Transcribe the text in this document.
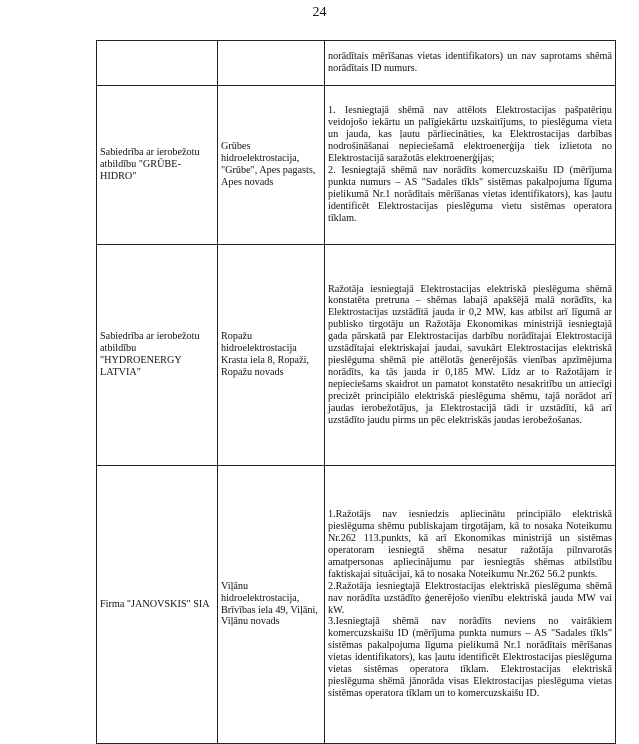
24

		norādītais mērīšanas vietas identifikators) un nav saprotams shēmā norādītais ID numurs.

Sabiedrība ar ierobežotu atbildību "GRŪBE-HIDRO"	Grūbes hidroelektrostacija, "Grūbe", Apes pagasts, Apes novads	1. Iesniegtajā shēmā nav attēlots Elektrostacijas pašpatēriņu veidojošo iekārtu un palīgiekārtu uzskaitījums, to pieslēguma vieta un jauda, kas ļautu pārliecināties, ka Elektrostacijas darbības nodrošināšanai nepieciešamā elektroenerģija tiek izlietota no Elektrostacijā saražotās elektroenerģijas;
2. Iesniegtajā shēmā nav norādīts komercuzskaišu ID (mērījuma punkta numurs – AS "Sadales tīkls" sistēmas pakalpojuma līguma pielikumā Nr.1 norādītais mērīšanas vietas identifikators), kas ļautu identificēt Elektrostacijas pieslēguma vietu sistēmas operatora tīklam.

Sabiedrība ar ierobežotu atbildību "HYDROENERGY LATVIA"	Ropažu hidroelektrostacija Krasta iela 8, Ropaži, Ropažu novads	Ražotāja iesniegtajā Elektrostacijas elektriskā pieslēguma shēmā konstatēta pretruna – shēmas labajā apakšējā malā norādīts, ka Elektrostacijas uzstādītā jauda ir 0,2 MW, kas atbilst arī līgumā ar publisko tirgotāju un Ražotāja Ekonomikas ministrijā iesniegtajā gada pārskatā par Elektrostacijas darbību norādītajai Elektrostacijā uzstādītajai elektriskajai jaudai, savukārt Elektrostacijas elektriskā pieslēguma shēmā pie attēlotās ģenerējošās vienības apzīmējuma norādīts, ka tās jauda ir 0,185 MW. Līdz ar to Ražotājam ir nepieciešams skaidrot un pamatot konstatēto nesakritību un attiecīgi precizēt principiālo elektriskā pieslēguma shēmu, tajā norādot arī jaudas ierobežotājus, ja Elektrostacijā tādi ir uzstādīti, kā arī uzstādīto jaudu pirms un pēc elektriskās jaudas ierobežošanas.

Firma "JANOVSKIS" SIA	Viļānu hidroelektrostacija, Brīvības iela 49, Viļāni, Viļānu novads	1.Ražotājs nav iesniedzis apliecinātu principiālo elektriskā pieslēguma shēmu publiskajam tirgotājam, kā to nosaka Noteikumu Nr.262 113.punkts, kā arī Ekonomikas ministrijā un sistēmas operatoram iesniegtā shēma nesatur ražotāja pilnvarotās amatpersonas apliecinājumu par iesniegtās shēmas atbilstību faktiskajai situācijai, kā to nosaka Noteikumu Nr.262 56.2 punkts.
2.Ražotāja iesniegtajā Elektrostacijas elektriskā pieslēguma shēmā nav norādīta uzstādīto ģenerējošo vienību elektriskā jauda MW vai kW.
3.Iesniegtajā shēmā nav norādīts neviens no vairākiem komercuzskaišu ID (mērījuma punkta numurs – AS "Sadales tīkls" sistēmas pakalpojuma līguma pielikumā Nr.1 norādītais mērīšanas vietas identifikators), kas ļautu identificēt Elektrostacijas pieslēguma vietas sistēmas operatora tīklam. Elektrostacijas elektriskā pieslēguma shēmā jānorāda visas Elektrostacijas pieslēguma vietas sistēmas operatora tīklam un to komercuzskaišu ID.
